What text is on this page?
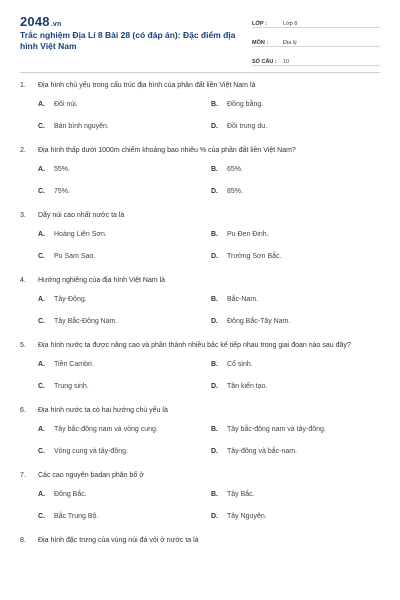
2048.vn
Trắc nghiệm Địa Lí 8 Bài 28 (có đáp án): Đặc điểm địa hình Việt Nam
LỚP :	Lớp 8
MÔN :	Địa lý
SỐ CÂU :	10
1.	Địa hình chủ yếu trong cấu trúc địa hình của phần đất liền Việt Nam là
A.	Đồi núi.	B.	Đồng bằng.
C.	Bán bình nguyên.	D.	Đồi trung du.
2.	Địa hình thấp dưới 1000m chiếm khoảng bao nhiêu % của phần đất liền Việt Nam?
A.	55%.	B.	65%.
C.	75%.	D.	85%.
3.	Dãy núi cao nhất nước ta là
A.	Hoàng Liên Sơn.	B.	Pu Đen Đinh.
C.	Pu Sam Sao.	D.	Trường Sơn Bắc.
4.	Hướng nghiêng của địa hình Việt Nam là
A.	Tây-Đông.	B.	Bắc-Nam.
C.	Tây Bắc-Đông Nam.	D.	Đông Bắc-Tây Nam.
5.	Địa hình nước ta được nâng cao và phân thành nhiều bậc kế tiếp nhau trong giai đoạn nào sau đây?
A.	Tiền Cambri.	B.	Cổ sinh.
C.	Trung sinh.	D.	Tân kiến tạo.
6.	Địa hình nước ta có hai hướng chủ yếu là
A.	Tây bắc-đông nam và vòng cung.	B.	Tây bắc-đông nam và tây-đông.
C.	Vòng cung và tây-đông.	D.	Tây-đông và bắc-nam.
7.	Các cao nguyên badan phân bố ở
A.	Đông Bắc.	B.	Tây Bắc.
C.	Bắc Trung Bộ.	D.	Tây Nguyên.
8.	Địa hình đặc trưng của vùng núi đá vôi ở nước ta là
